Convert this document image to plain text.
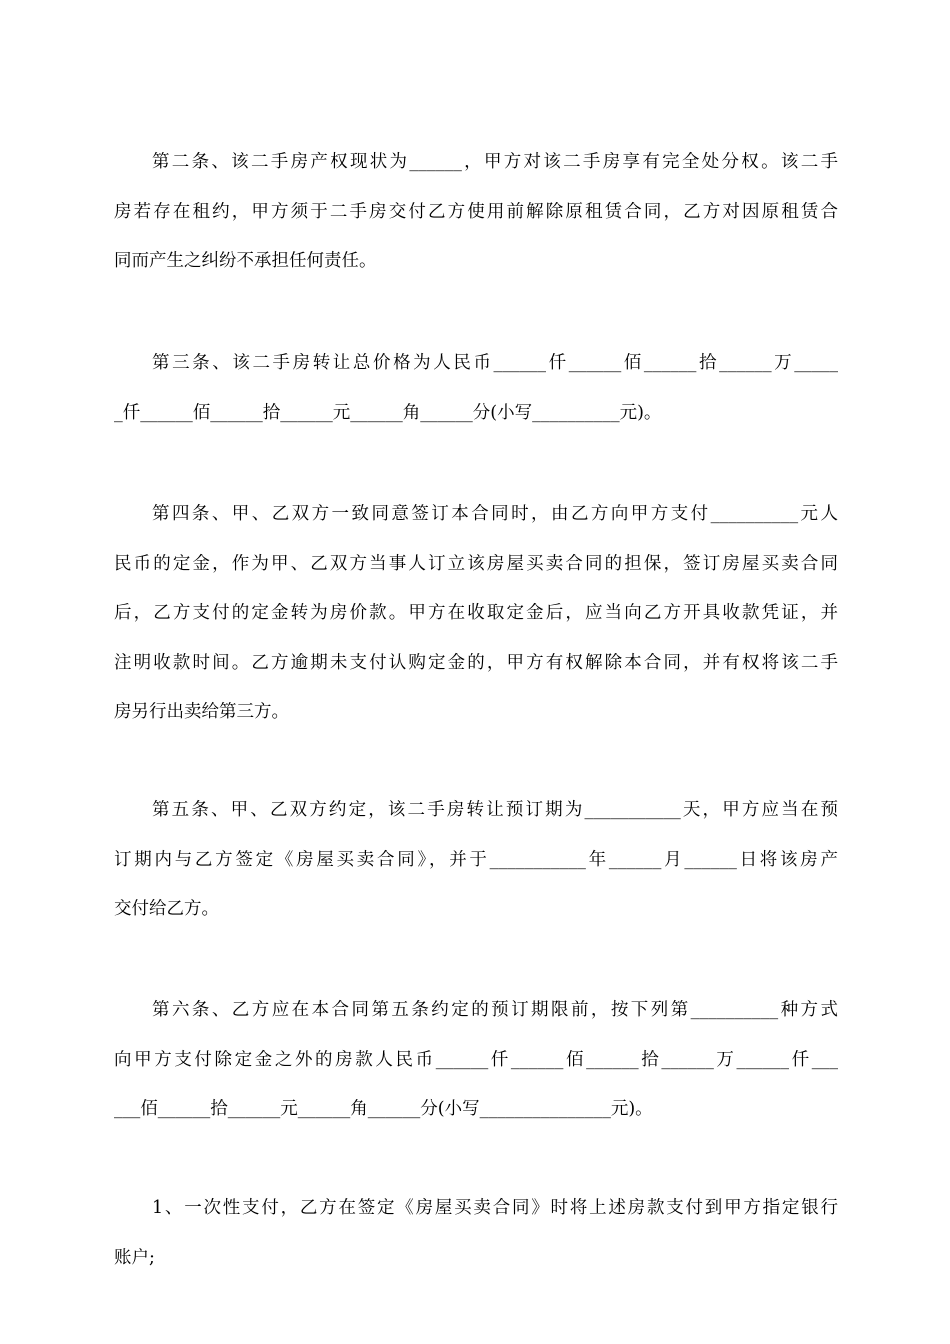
第二条、该二手房产权现状为______，甲方对该二手房享有完全处分权。该二手
房若存在租约，甲方须于二手房交付乙方使用前解除原租赁合同，乙方对因原租赁合
同而产生之纠纷不承担任何责任。
第三条、该二手房转让总价格为人民币______仟______佰______拾______万_____
_仟______佰______拾______元______角______分(小写__________元)。
第四条、甲、乙双方一致同意签订本合同时，由乙方向甲方支付__________元人
民币的定金，作为甲、乙双方当事人订立该房屋买卖合同的担保，签订房屋买卖合同
后，乙方支付的定金转为房价款。甲方在收取定金后，应当向乙方开具收款凭证，并
注明收款时间。乙方逾期未支付认购定金的，甲方有权解除本合同，并有权将该二手
房另行出卖给第三方。
第五条、甲、乙双方约定，该二手房转让预订期为___________天，甲方应当在预
订期内与乙方签定《房屋买卖合同》，并于___________年______月______日将该房产
交付给乙方。
第六条、乙方应在本合同第五条约定的预订期限前，按下列第__________种方式
向甲方支付除定金之外的房款人民币______仟______佰______拾______万______仟___
___佰______拾______元______角______分(小写_______________元)。
1、一次性支付，乙方在签定《房屋买卖合同》时将上述房款支付到甲方指定银行
账户;
